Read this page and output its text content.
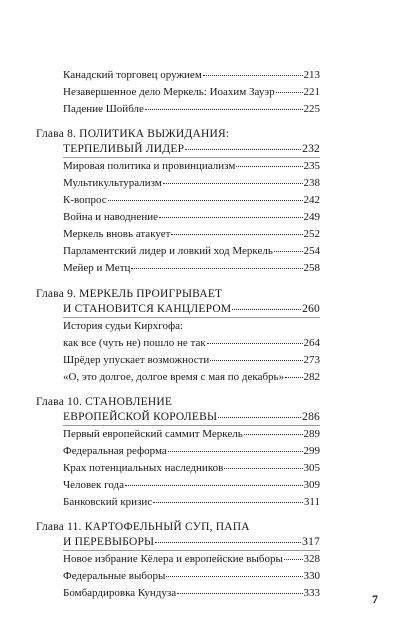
Канадский торговец оружием	213
Незавершенное дело Меркель: Иоахим Зауэр	221
Падение Шойбле	225
Глава 8. ПОЛИТИКА ВЫЖИДАНИЯ:
ТЕРПЕЛИВЫЙ ЛИДЕР	232
Мировая политика и провинциализм	235
Мультикультурализм	238
К-вопрос	242
Война и наводнение	249
Меркель вновь атакует	252
Парламентский лидер и ловкий ход Меркель	254
Мейер и Метц	258
Глава 9. МЕРКЕЛЬ ПРОИГРЫВАЕТ
И СТАНОВИТСЯ КАНЦЛЕРОМ	260
История судьи Кирхгофа:
как все (чуть не) пошло не так	264
Шрёдер упускает возможности	273
«О, это долгое, долгое время с мая по декабрь» 282
Глава 10. СТАНОВЛЕНИЕ
ЕВРОПЕЙСКОЙ КОРОЛЕВЫ	286
Первый европейский саммит Меркель	289
Федеральная реформа	299
Крах потенциальных наследников	305
Человек года	309
Банковский кризис	311
Глава 11. КАРТОФЕЛЬНЫЙ СУП, ПАПА
И ПЕРЕВЫБОРЫ	317
Новое избрание Кёлера и европейские выборы 328
Федеральные выборы	330
Бомбардировка Кундуза	333	7
